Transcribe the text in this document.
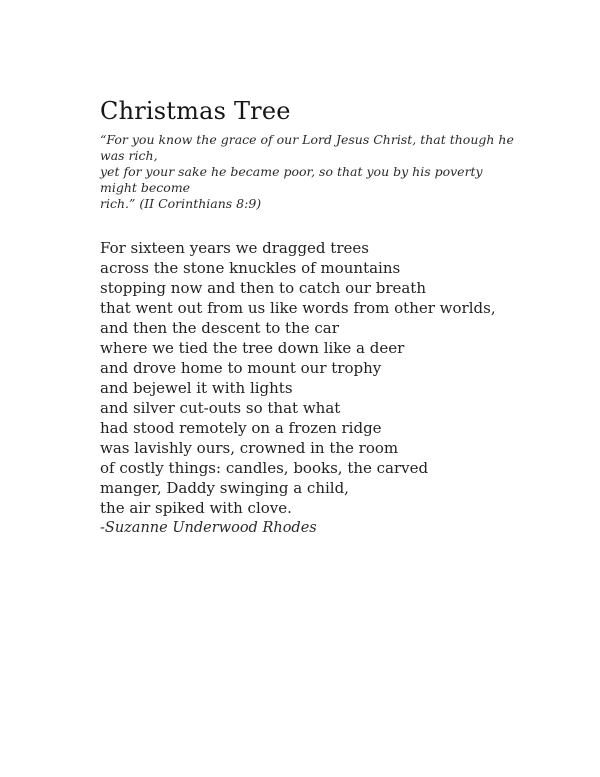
Christmas Tree
“For you know the grace of our Lord Jesus Christ, that though he was rich,
yet for your sake he became poor, so that you by his poverty might become
rich.” (II Corinthians 8:9)
For sixteen years we dragged trees
across the stone knuckles of mountains
stopping now and then to catch our breath
that went out from us like words from other worlds,
and then the descent to the car
where we tied the tree down like a deer
and drove home to mount our trophy
and bejewel it with lights
and silver cut-outs so that what
had stood remotely on a frozen ridge
was lavishly ours, crowned in the room
of costly things: candles, books, the carved
manger, Daddy swinging a child,
the air spiked with clove.
-Suzanne Underwood Rhodes
